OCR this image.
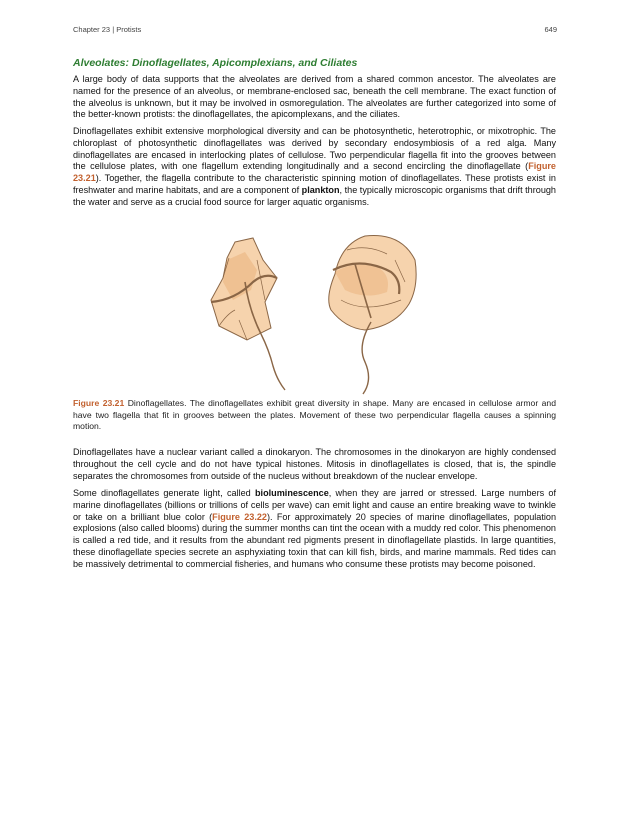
Chapter 23 | Protists	649
Alveolates: Dinoflagellates, Apicomplexians, and Ciliates

A large body of data supports that the alveolates are derived from a shared common ancestor. The alveolates are named for the presence of an alveolus, or membrane-enclosed sac, beneath the cell membrane. The exact function of the alveolus is unknown, but it may be involved in osmoregulation. The alveolates are further categorized into some of the better-known protists: the dinoflagellates, the apicomplexans, and the ciliates.

Dinoflagellates exhibit extensive morphological diversity and can be photosynthetic, heterotrophic, or mixotrophic. The chloroplast of photosynthetic dinoflagellates was derived by secondary endosymbiosis of a red alga. Many dinoflagellates are encased in interlocking plates of cellulose. Two perpendicular flagella fit into the grooves between the cellulose plates, with one flagellum extending longitudinally and a second encircling the dinoflagellate (Figure 23.21). Together, the flagella contribute to the characteristic spinning motion of dinoflagellates. These protists exist in freshwater and marine habitats, and are a component of plankton, the typically microscopic organisms that drift through the water and serve as a crucial food source for larger aquatic organisms.

Figure 23.21 Dinoflagellates. The dinoflagellates exhibit great diversity in shape. Many are encased in cellulose armor and have two flagella that fit in grooves between the plates. Movement of these two perpendicular flagella causes a spinning motion.

Dinoflagellates have a nuclear variant called a dinokaryon. The chromosomes in the dinokaryon are highly condensed throughout the cell cycle and do not have typical histones. Mitosis in dinoflagellates is closed, that is, the spindle separates the chromosomes from outside of the nucleus without breakdown of the nuclear envelope.

Some dinoflagellates generate light, called bioluminescence, when they are jarred or stressed. Large numbers of marine dinoflagellates (billions or trillions of cells per wave) can emit light and cause an entire breaking wave to twinkle or take on a brilliant blue color (Figure 23.22). For approximately 20 species of marine dinoflagellates, population explosions (also called blooms) during the summer months can tint the ocean with a muddy red color. This phenomenon is called a red tide, and it results from the abundant red pigments present in dinoflagellate plastids. In large quantities, these dinoflagellate species secrete an asphyxiating toxin that can kill fish, birds, and marine mammals. Red tides can be massively detrimental to commercial fisheries, and humans who consume these protists may become poisoned.
